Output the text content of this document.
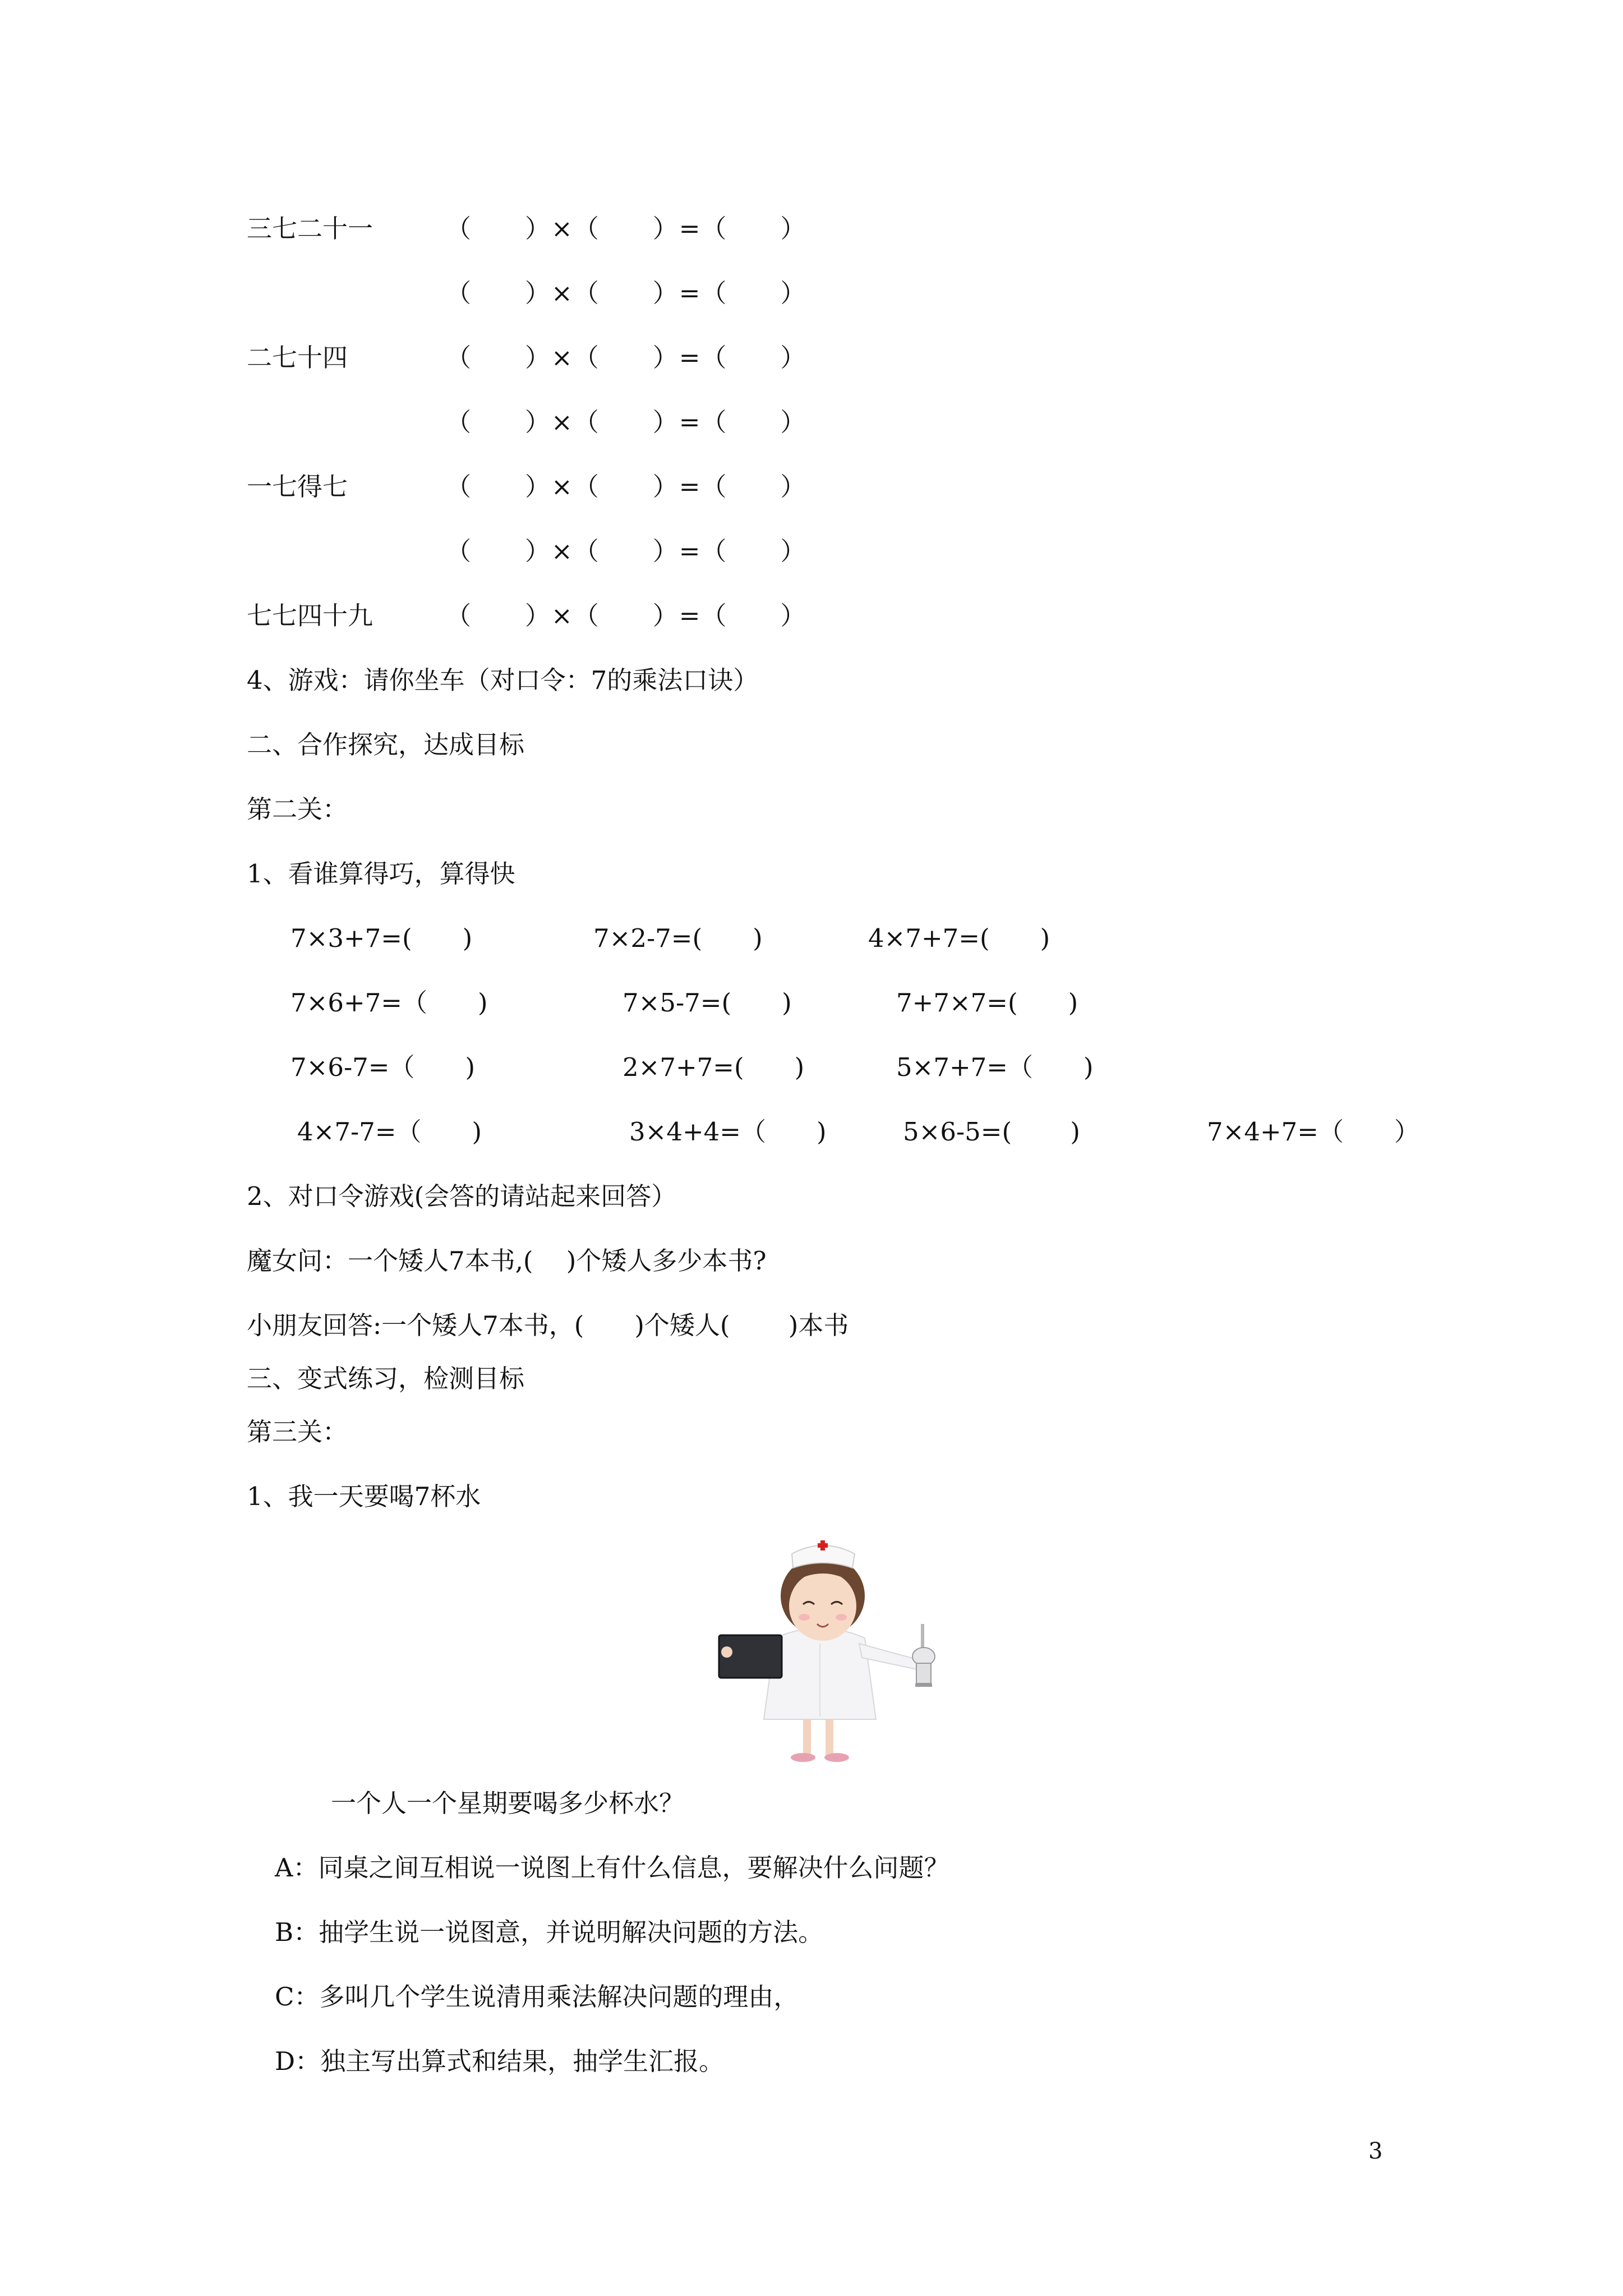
三七二十一	（　　）×（　　）=（　　）
（　　）×（　　）=（　　）
二七十四	（　　）×（　　）=（　　）
（　　）×（　　）=（　　）
一七得七	（　　）×（　　）=（　　）
（　　）×（　　）=（　　）
七七四十九	（　　）×（　　）=（　　）
4、游戏：请你坐车（对口令：7的乘法口诀）
二、合作探究，达成目标
第二关：
1、看谁算得巧，算得快
7×3+7=(　　)	7×2-7=(　　)	4×7+7=(　　)
7×6+7=（　　)	7×5-7=(　　)	7+7×7=(　　)
7×6-7=（　　)	2×7+7=(　　)	5×7+7=（　　)
4×7-7=（　　)	3×4+4=（　　)	5×6-5=(　　 )	7×4+7=（　　）
2、对口令游戏(会答的请站起来回答）
魔女问：一个矮人7本书,(　 )个矮人多少本书?
小朋友回答:一个矮人7本书，(　　)个矮人(　　 )本书
三、变式练习，检测目标
第三关：
1、我一天要喝7杯水
一个人一个星期要喝多少杯水？
A：同桌之间互相说一说图上有什么信息，要解决什么问题？
B：抽学生说一说图意，并说明解决问题的方法。
C：多叫几个学生说清用乘法解决问题的理由，
D：独主写出算式和结果，抽学生汇报。
3
